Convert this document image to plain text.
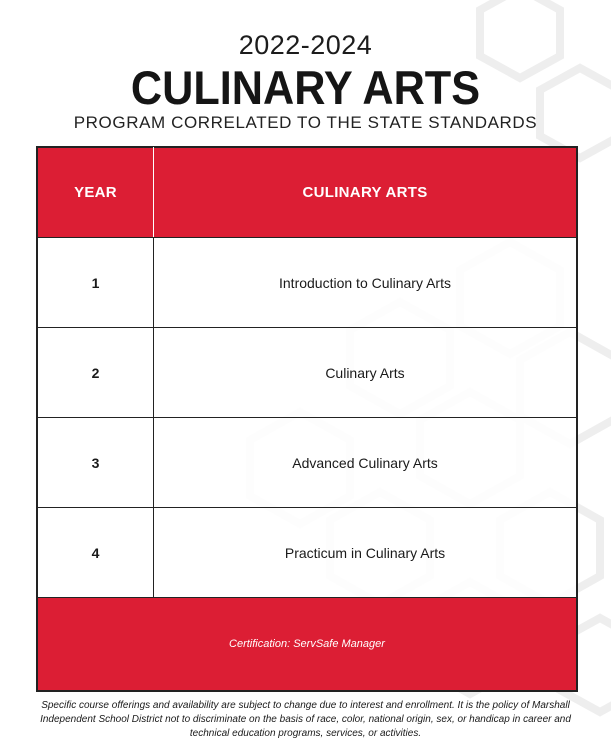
2022-2024
CULINARY ARTS
PROGRAM CORRELATED TO THE STATE STANDARDS
YEAR	CULINARY ARTS
1	Introduction to Culinary Arts
2	Culinary Arts
3	Advanced Culinary Arts
4	Practicum in Culinary Arts
Certification: ServSafe Manager	
Specific course offerings and availability are subject to change due to interest and enrollment. It is the policy of Marshall Independent School District not to discriminate on the basis of race, color, national origin, sex, or handicap in career and technical education programs, services, or activities.
